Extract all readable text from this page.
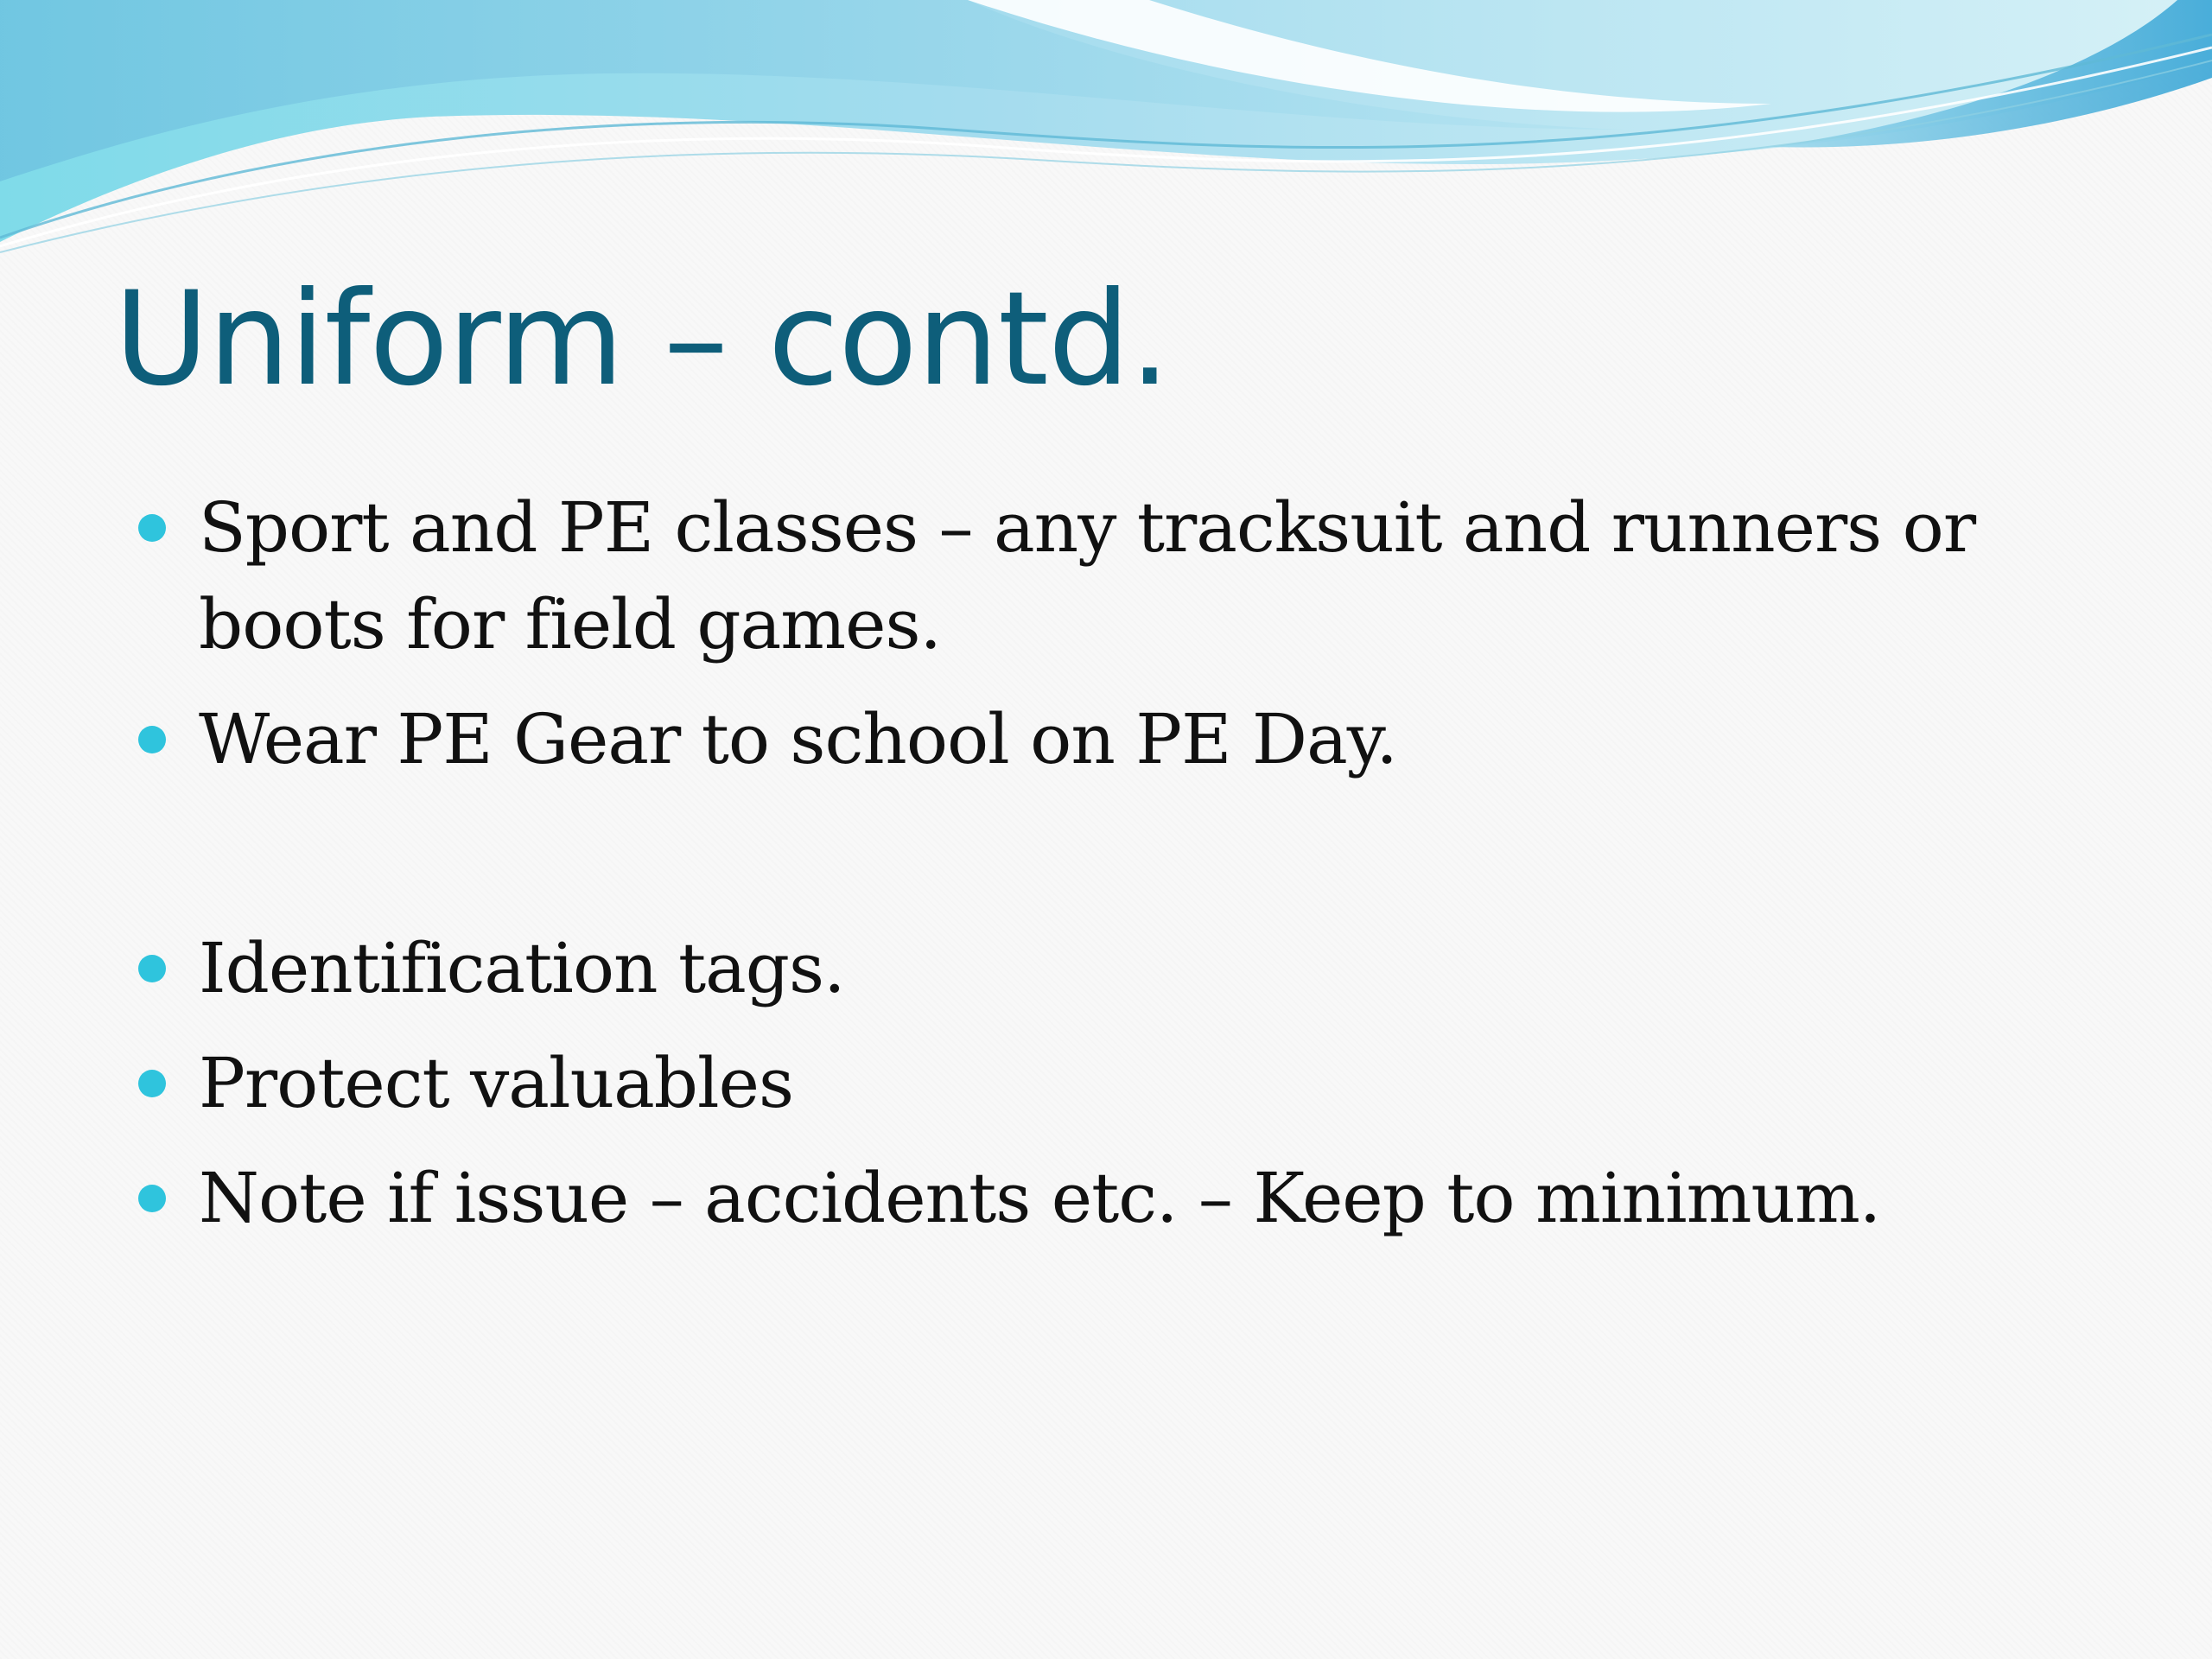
Uniform – contd.
Sport and PE classes – any tracksuit and runners or boots for field games.
Wear PE Gear to school on PE Day.
Identification tags.
Protect valuables
Note if issue – accidents etc. – Keep to minimum.
